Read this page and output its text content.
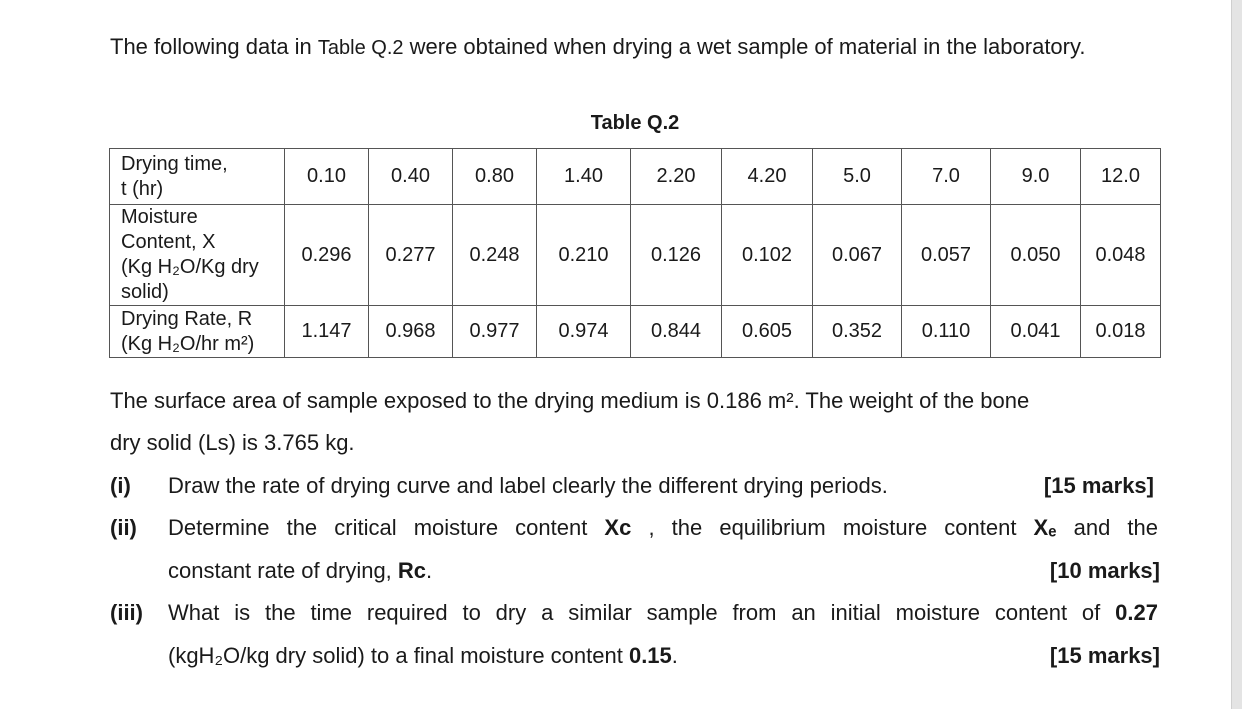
The following data in Table Q.2 were obtained when drying a wet sample of material in the laboratory.
Table Q.2
Drying time,
t (hr)	0.10	0.40	0.80	1.40	2.20	4.20	5.0	7.0	9.0	12.0

Moisture
Content, X
(Kg H₂O/Kg dry
solid)	0.296	0.277	0.248	0.210	0.126	0.102	0.067	0.057	0.050	0.048

Drying Rate, R
(Kg H₂O/hr m²)	1.147	0.968	0.977	0.974	0.844	0.605	0.352	0.110	0.041	0.018
The surface area of sample exposed to the drying medium is 0.186 m². The weight of the bone
dry solid (Ls) is 3.765 kg.
(i) Draw the rate of drying curve and label clearly the different drying periods.	[15 marks]
(ii) Determine the critical moisture content Xᴄ , the equilibrium moisture content Xₑ and the
constant rate of drying, Rᴄ.	[10 marks]
(iii) What is the time required to dry a similar sample from an initial moisture content of 0.27
(kgH₂O/kg dry solid) to a final moisture content 0.15.	[15 marks]
